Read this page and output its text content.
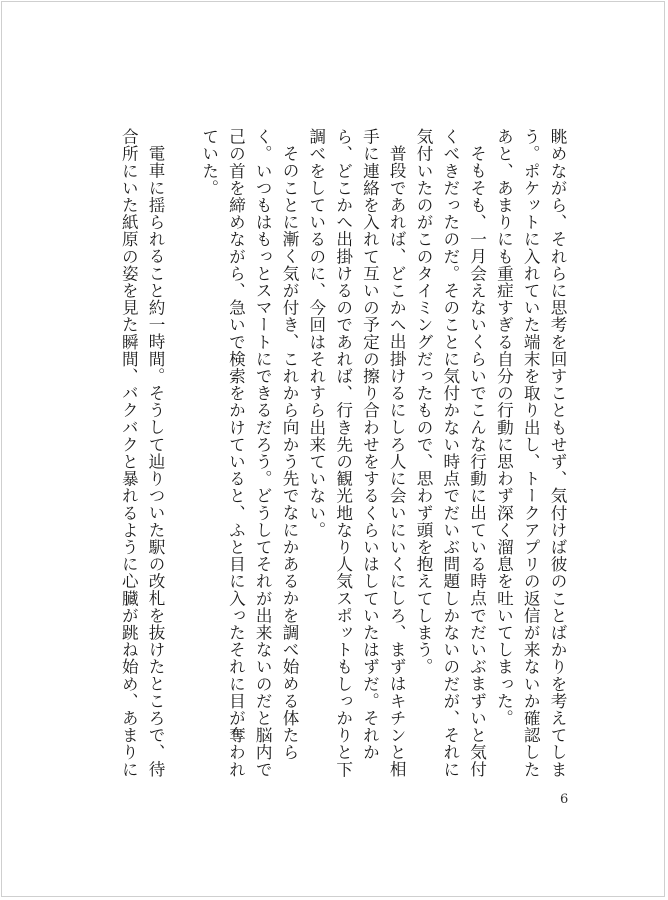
眺めながら、それらに思考を回すこともせず、気付けば彼のことばかりを考えてしまう。ポケットに入れていた端末を取り出し、トークアプリの返信が来ないか確認したあと、あまりにも重症すぎる自分の行動に思わず深く溜息を吐いてしまった。

そもそも、一月会えないくらいでこんな行動に出ている時点でだいぶまずいと気付くべきだったのだ。そのことに気付かない時点でだいぶ問題しかないのだが、それに気付いたのがこのタイミングだったもので、思わず頭を抱えてしまう。

普段であれば、どこかへ出掛けるにしろ人に会いにいくにしろ、まずはキチンと相手に連絡を入れて互いの予定の擦り合わせをするくらいはしていたはずだ。それから、どこかへ出掛けるのであれば、行き先の観光地なり人気スポットもしっかりと下調べをしているのに、今回はそれすら出来ていない。

そのことに漸く気が付き、これから向かう先でなにかあるかを調べ始める体たらく。いつもはもっとスマートにできるだろう。どうしてそれが出来ないのだと脳内で己の首を締めながら、急いで検索をかけていると、ふと目に入ったそれに目が奪われていた。

電車に揺られること約一時間。そうして辿りついた駅の改札を抜けたところで、待合所にいた紙原の姿を見た瞬間、バクバクと暴れるように心臓が跳ね始め、あまりに

6
